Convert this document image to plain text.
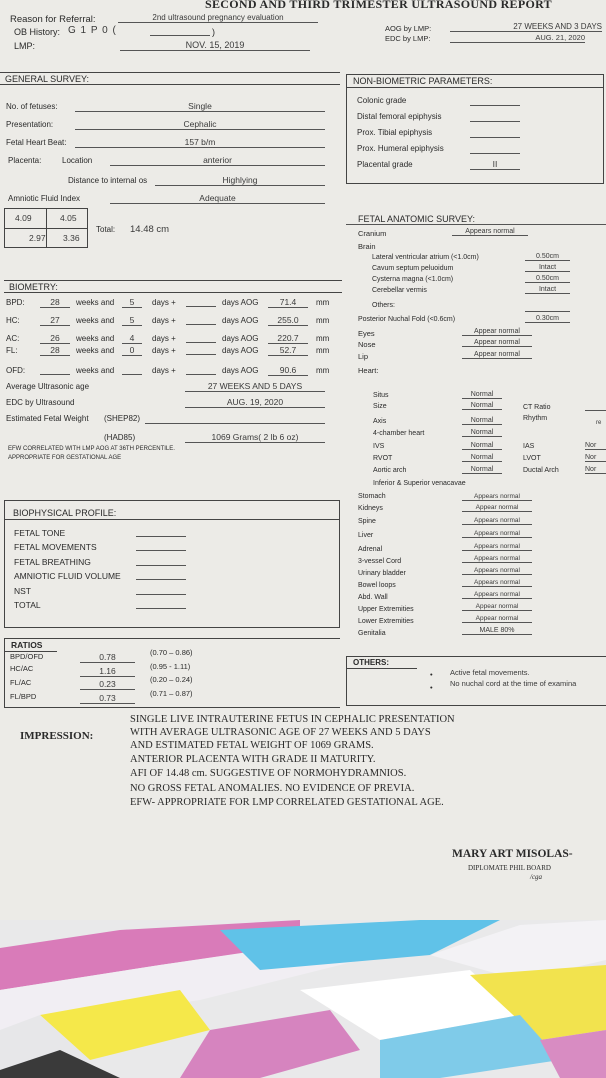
SECOND AND THIRD TRIMESTER ULTRASOUND REPORT
Reason for Referral:	2nd ultrasound pregnancy evaluation
OB History: G 1 P 0 (	)
LMP:	NOV. 15, 2019
AOG by LMP:	27 WEEKS AND 3 DAYS
EDC by LMP:	AUG. 21, 2020
GENERAL SURVEY:
No. of fetuses:	Single
Presentation:	Cephalic
Fetal Heart Beat:	157 b/m
Placenta:	Location	anterior
Distance to internal os	Highlying
Amniotic Fluid Index	Adequate
4.09	4.05
2.97 3.36
Total: 14.48 cm
NON-BIOMETRIC PARAMETERS:
Colonic grade
Distal femoral epiphysis
Prox. Tibial epiphysis
Prox. Humeral epiphysis
Placental grade	II
BIOMETRY:
BPD:	28	weeks and	5	days +	days AOG	71.4	mm
HC:	27	weeks and	5	days +	days AOG	255.0	mm
AC:	26	weeks and	4	days +	days AOG	220.7	mm
FL:	28	weeks and	0	days +	days AOG	52.7	mm
OFD:	weeks and	days +	days AOG	90.6	mm
Average Ultrasonic age	27 WEEKS AND 5 DAYS
EDC by Ultrasound	AUG. 19, 2020
Estimated Fetal Weight (SHEP82)
(HAD85)	1069 Grams( 2 lb 6 oz)
EFW CORRELATED WITH LMP AOG AT 36TH PERCENTILE.
APPROPRIATE FOR GESTATIONAL AGE
FETAL ANATOMIC SURVEY:
Cranium	Appears normal
Brain
Lateral ventricular atrium (<1.0cm)	0.50cm
Cavum septum peluoidum	Intact
Cysterna magna (<1.0cm)	0.50cm
Cerebellar vermis	Intact
Others:
Posterior Nuchal Fold (<0.6cm)	0.30cm
Eyes	Appear normal
Nose	Appear normal
Lip	Appear normal
Heart:
Situs	Normal
Size	Normal
Axis	Normal
4-chamber heart	Normal
IVS	Normal
RVOT	Normal
Aortic arch	Normal
CT Ratio
Rhythm
re
IAS	Nor
LVOT	Nor
Ductal Arch	Nor
Inferior & Superior venacavae
Stomach	Appears normal
Kidneys	Appear normal
Spine	Appears normal
Liver	Appears normal
Adrenal	Appears normal
3-vessel Cord	Appears normal
Urinary bladder	Appears normal
Bowel loops	Appears normal
Abd. Wall	Appears normal
Upper Extremities	Appear normal
Lower Extremities	Appear normal
Genitalia	MALE 80%
BIOPHYSICAL PROFILE:
FETAL TONE
FETAL MOVEMENTS
FETAL BREATHING
AMNIOTIC FLUID VOLUME
NST
TOTAL
RATIOS
BPD/OFD	0.78	(0.70 – 0.86)
HC/AC	1.16	(0.95 - 1.11)
FL/AC	0.23	(0.20 – 0.24)
FL/BPD	0.73	(0.71 – 0.87)
OTHERS:
• Active fetal movements.
• No nuchal cord at the time of examina
IMPRESSION:
SINGLE LIVE INTRAUTERINE FETUS IN CEPHALIC PRESENTATION
WITH AVERAGE ULTRASONIC AGE OF 27 WEEKS AND 5 DAYS
AND ESTIMATED FETAL WEIGHT OF 1069 GRAMS.
ANTERIOR PLACENTA WITH GRADE II MATURITY.
AFI OF 14.48 cm. SUGGESTIVE OF NORMOHYDRAMNIOS.
NO GROSS FETAL ANOMALIES. NO EVIDENCE OF PREVIA.
EFW- APPROPRIATE FOR LMP CORRELATED GESTATIONAL AGE.
MARY ART MISOLAS-
DIPLOMATE PHIL BOARD
/cga
